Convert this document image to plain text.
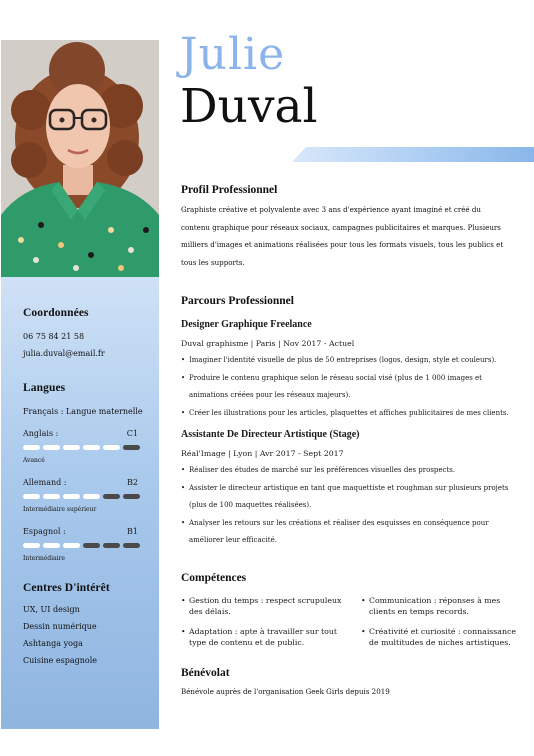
Coordonnées
06 75 84 21 58
julia.duval@email.fr
Langues
Français : Langue maternelle
Anglais :	C1
Avancé
Allemand :	B2
Intermédiaire supérieur
Espagnol :	B1
Intermédiaire
Centres D'intérêt
UX, UI design
Dessin numérique
Ashtanga yoga
Cuisine espagnole
Julie
Duval
Profil Professionnel
Graphiste créative et polyvalente avec 3 ans d'expérience ayant imaginé et créé du contenu graphique pour réseaux sociaux, campagnes publicitaires et marques. Plusieurs milliers d'images et animations réalisées pour tous les formats visuels, tous les publics et tous les supports.
Parcours Professionnel
Designer Graphique Freelance
Duval graphisme | Paris | Nov 2017 - Actuel
• Imaginer l'identité visuelle de plus de 50 entreprises (logos, design, style et couleurs).
• Produire le contenu graphique selon le réseau social visé (plus de 1 000 images et animations créées pour les réseaux majeurs).
• Créer les illustrations pour les articles, plaquettes et affiches publicitaires de mes clients.
Assistante De Directeur Artistique (Stage)
Réal'Image | Lyon | Avr 2017 - Sept 2017
• Réaliser des études de marché sur les préférences visuelles des prospects.
• Assister le directeur artistique en tant que maquettiste et roughman sur plusieurs projets (plus de 100 maquettes réalisées).
• Analyser les retours sur les créations et réaliser des esquisses en conséquence pour améliorer leur efficacité.
Compétences
• Gestion du temps : respect scrupuleux des délais.
• Communication : réponses à mes clients en temps records.
• Adaptation : apte à travailler sur tout type de contenu et de public.
• Créativité et curiosité : connaissance de multitudes de niches artistiques.
Bénévolat
Bénévole auprès de l'organisation Geek Girls depuis 2019
